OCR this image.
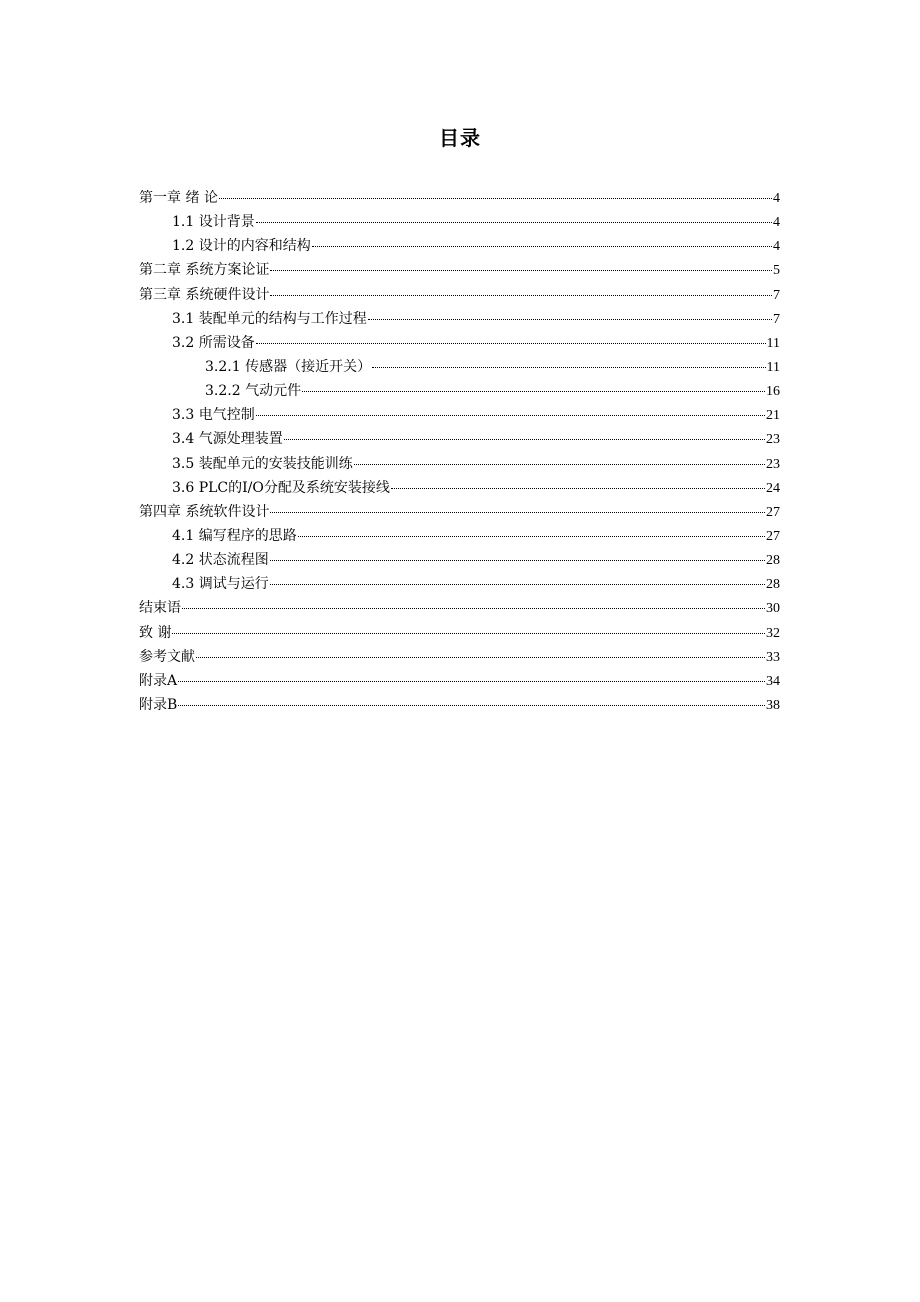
目录
第一章 绪 论	4
1.1 设计背景	4
1.2 设计的内容和结构	4
第二章 系统方案论证	5
第三章 系统硬件设计	7
3.1 装配单元的结构与工作过程	7
3.2 所需设备	11
3.2.1 传感器（接近开关）	11
3.2.2 气动元件	16
3.3 电气控制	21
3.4 气源处理装置	23
3.5 装配单元的安装技能训练	23
3.6 PLC的I/O分配及系统安装接线	24
第四章 系统软件设计	27
4.1 编写程序的思路	27
4.2 状态流程图	28
4.3 调试与运行	28
结束语	30
致 谢	32
参考文献	33
附录A	34
附录B	38
